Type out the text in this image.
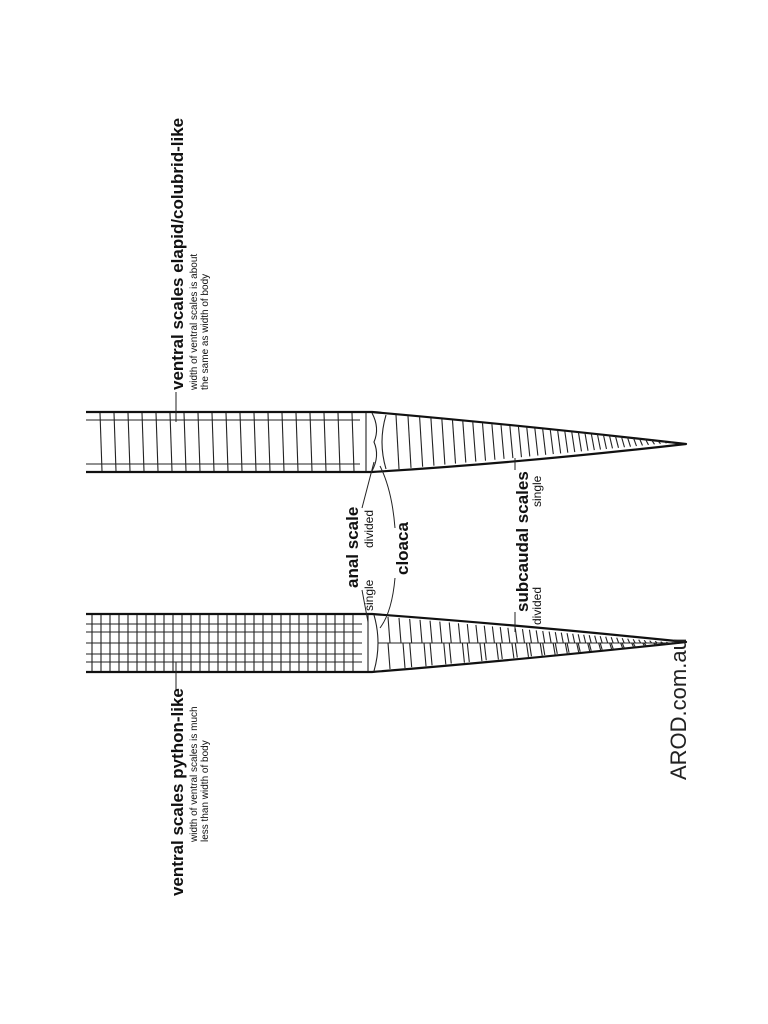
ventral scales elapid/colubrid-like width of ventral scales is about the same as width of body
ventral scales python-like width of ventral scales is much less than width of body
anal scale
single
divided cloaca	subcaudal scales
divided
single
AROD.com.au
